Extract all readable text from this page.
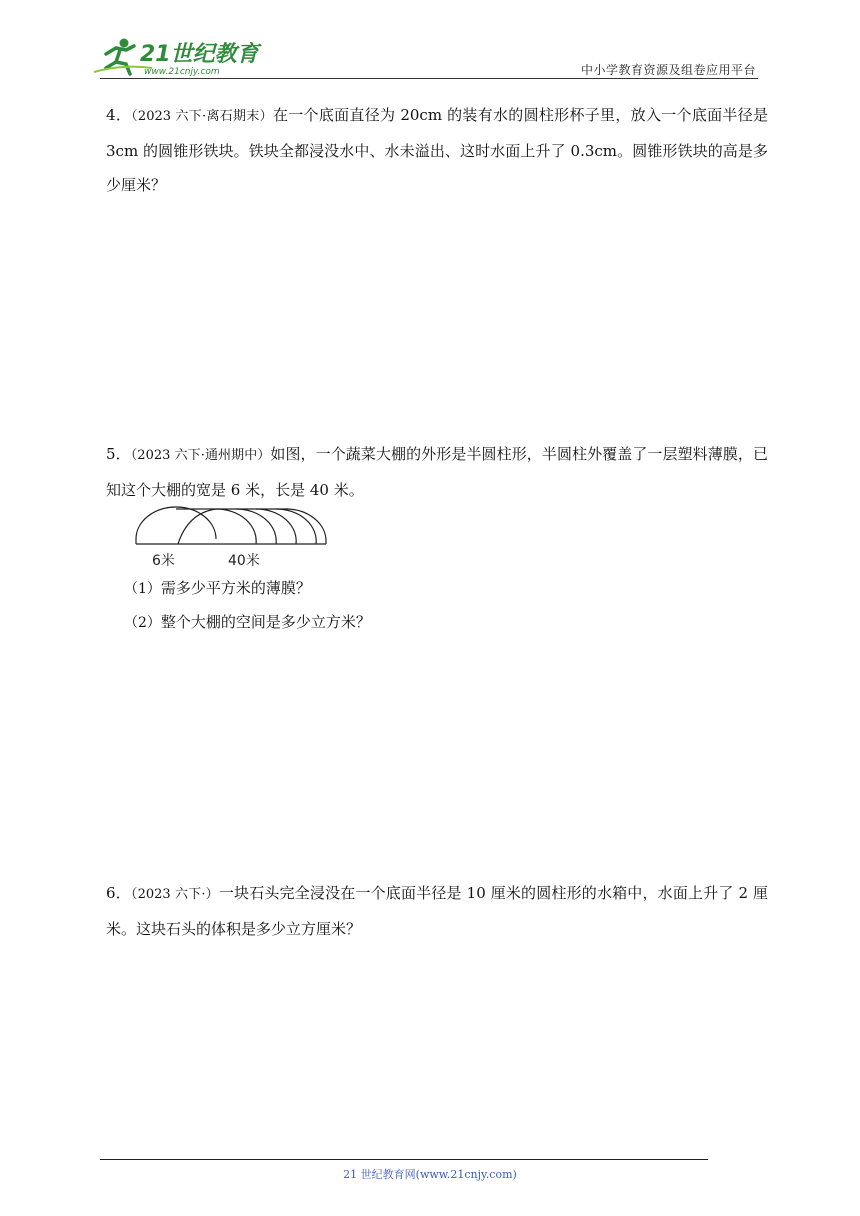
21世纪教育
www.21cnjy.com	中小学教育资源及组卷应用平台

4．（2023 六下·离石期末）在一个底面直径为 20cm 的装有水的圆柱形杯子里，放入一个底面半径是 3cm 的圆锥形铁块。铁块全都浸没水中、水未溢出、这时水面上升了 0.3cm。圆锥形铁块的高是多少厘米？

5．（2023 六下·通州期中）如图，一个蔬菜大棚的外形是半圆柱形，半圆柱外覆盖了一层塑料薄膜，已知这个大棚的宽是 6 米，长是 40 米。

6米	40米
（1）需多少平方米的薄膜？
（2）整个大棚的空间是多少立方米？

6．（2023 六下·）一块石头完全浸没在一个底面半径是 10 厘米的圆柱形的水箱中，水面上升了 2 厘米。这块石头的体积是多少立方厘米？

21 世纪教育网(www.21cnjy.com)
